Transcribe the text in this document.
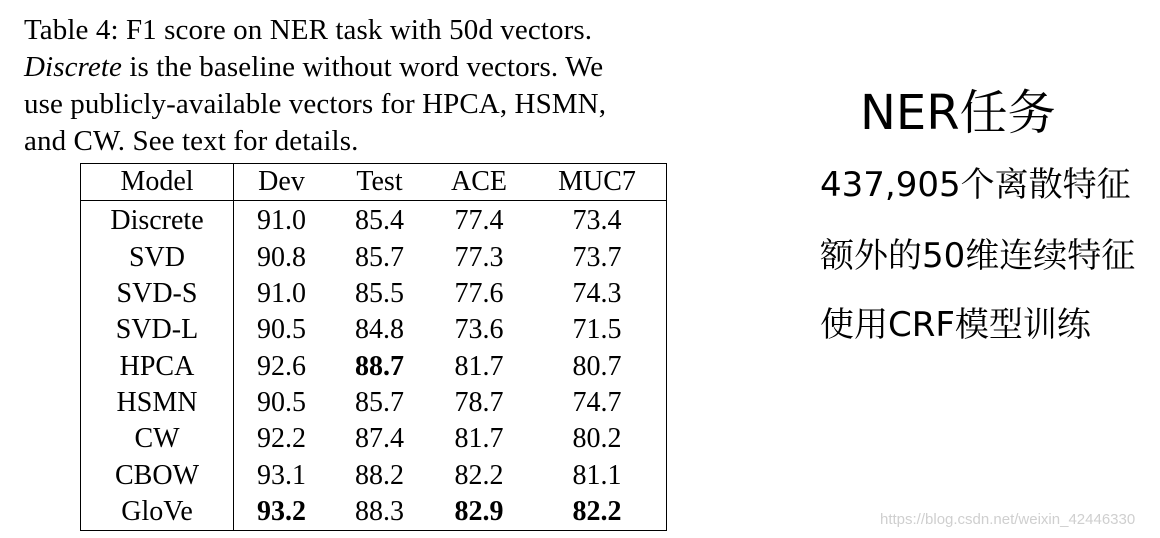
Table 4: F1 score on NER task with 50d vectors.
Discrete is the baseline without word vectors. We
use publicly-available vectors for HPCA, HSMN,
and CW. See text for details.
Model	Dev	Test	ACE	MUC7
Discrete	91.0	85.4	77.4	73.4
SVD	90.8	85.7	77.3	73.7
SVD-S	91.0	85.5	77.6	74.3
SVD-L	90.5	84.8	73.6	71.5
HPCA	92.6	88.7	81.7	80.7
HSMN	90.5	85.7	78.7	74.7
CW	92.2	87.4	81.7	80.2
CBOW	93.1	88.2	82.2	81.1
GloVe	93.2	88.3	82.9	82.2
NER任务
437,905个离散特征
额外的50维连续特征
使用CRF模型训练
https://blog.csdn.net/weixin_42446330
